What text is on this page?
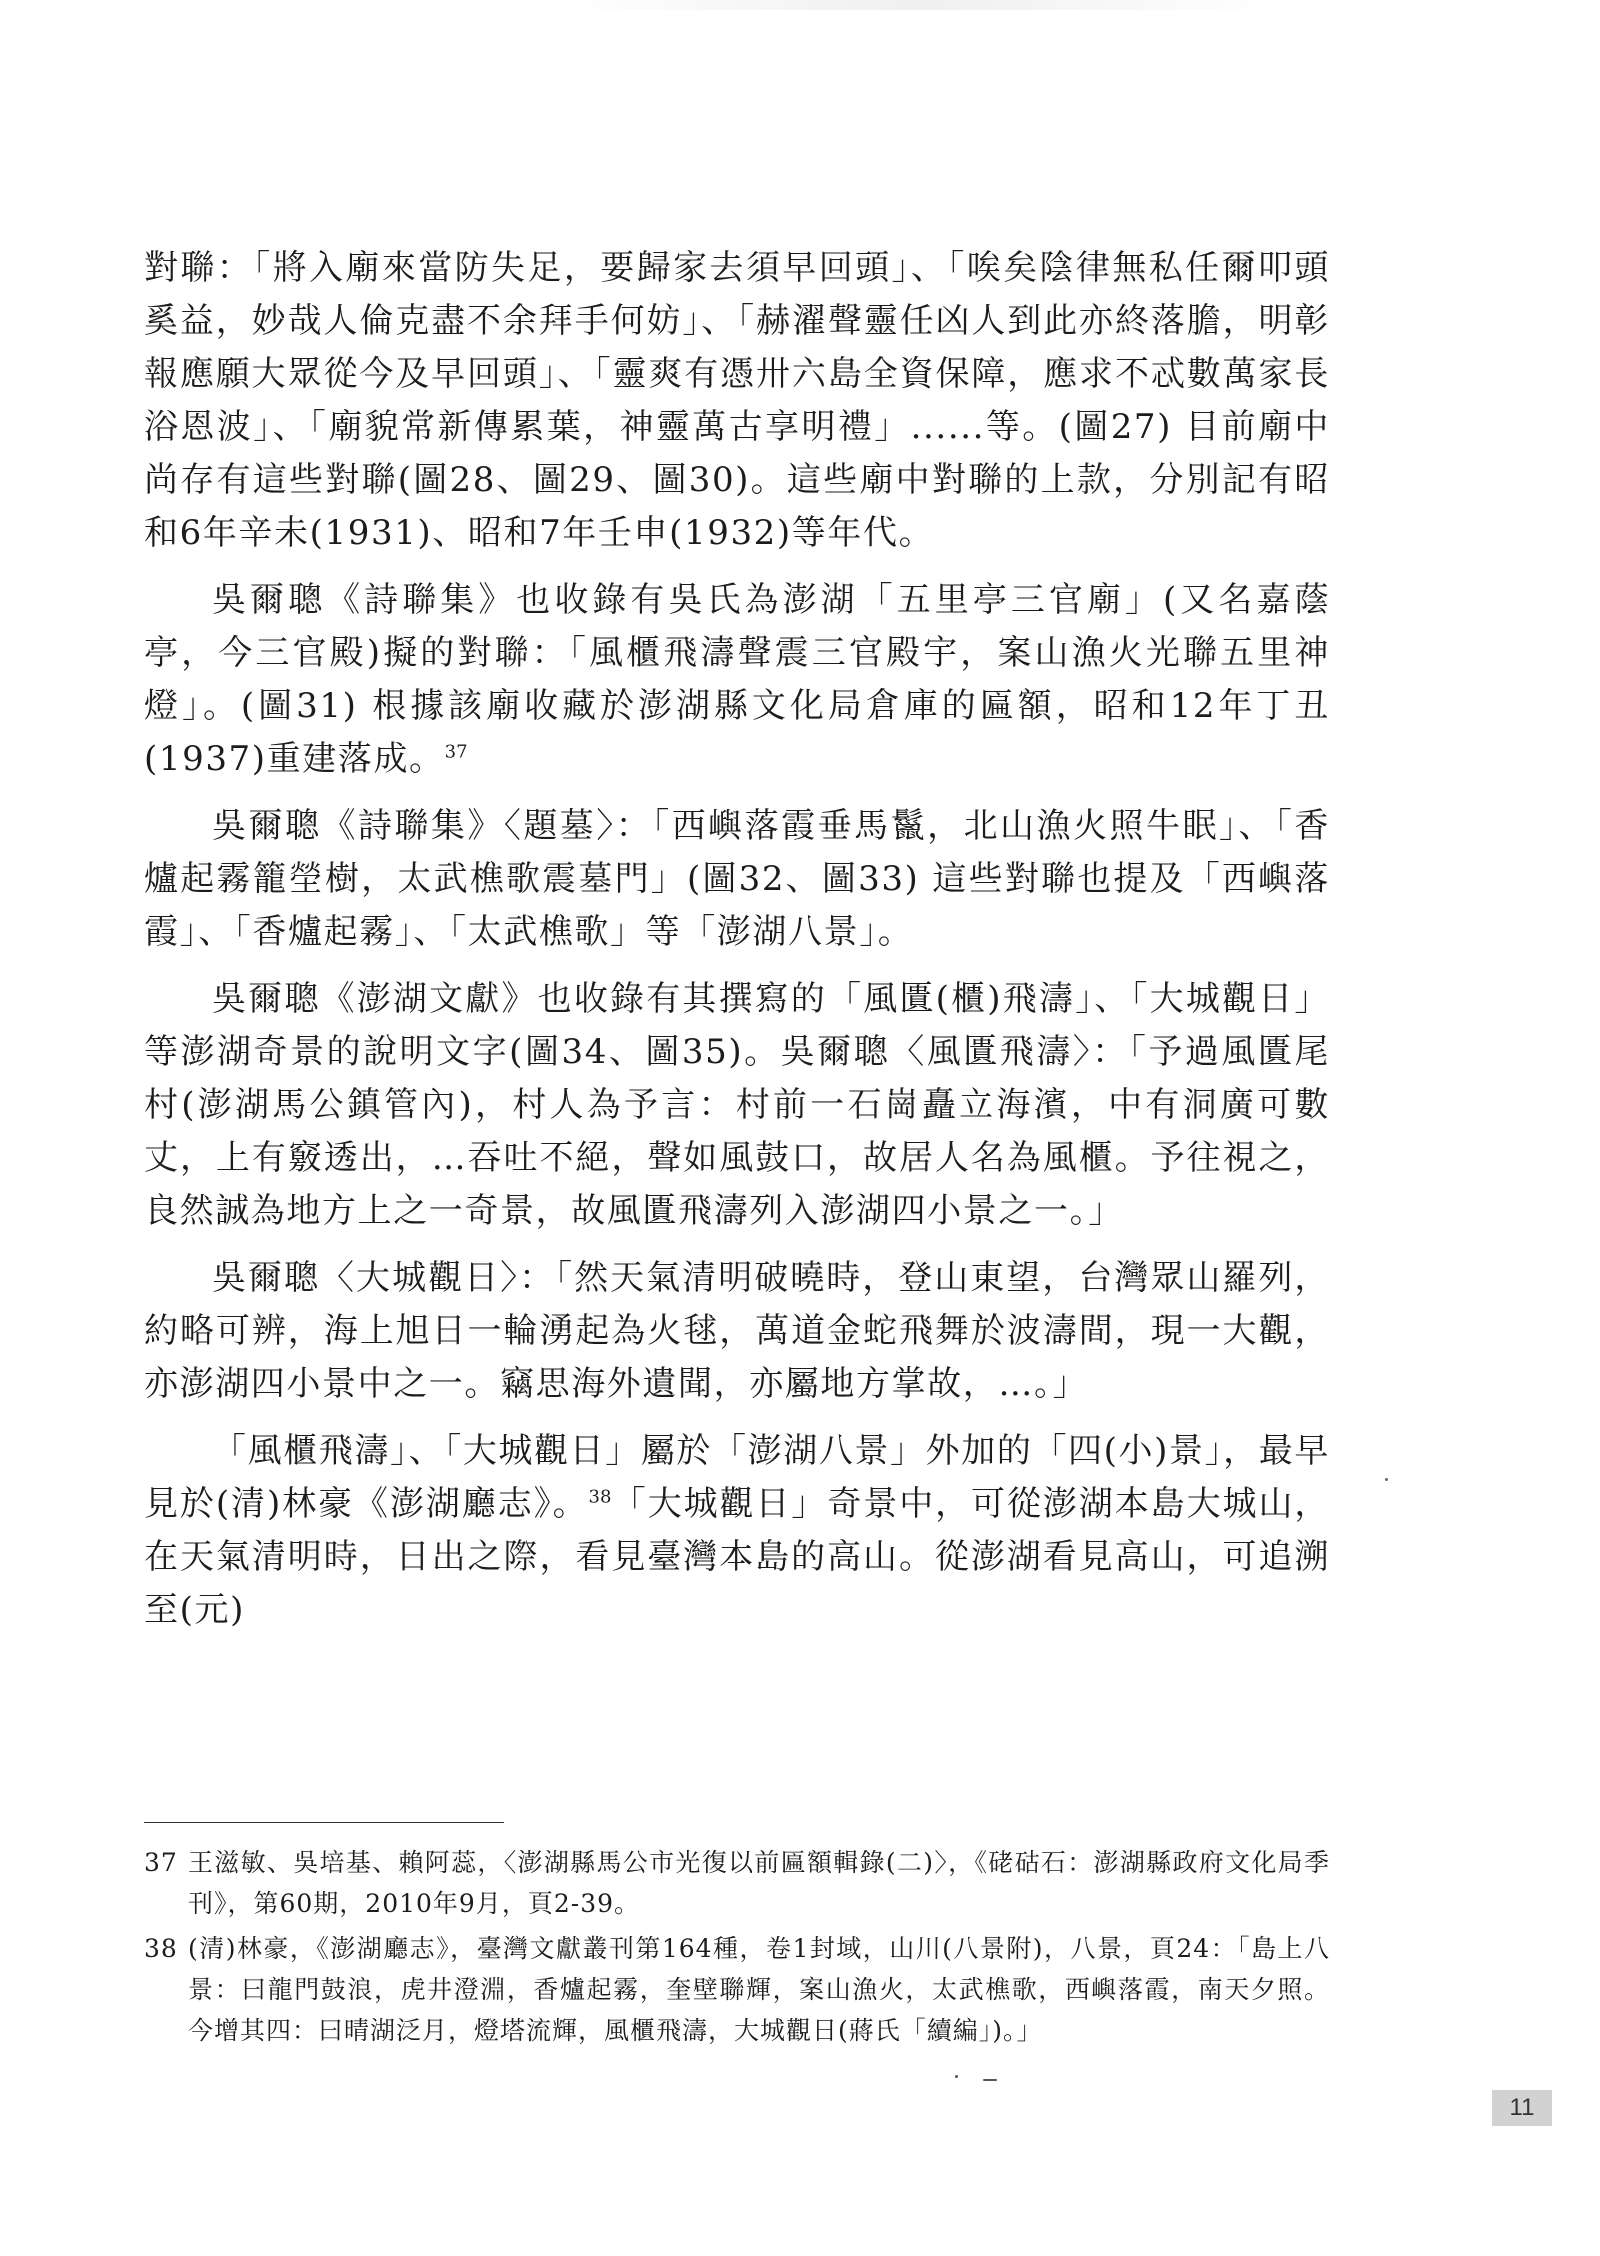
對聯：「將入廟來當防失足，要歸家去須早回頭」、「唉矣陰律無私任爾叩頭奚益，妙哉人倫克盡不余拜手何妨」、「赫濯聲靈任凶人到此亦終落膽，明彰報應願大眾從今及早回頭」、「靈爽有憑卅六島全資保障，應求不忒數萬家長浴恩波」、「廟貌常新傳累葉，神靈萬古享明禮」......等。(圖27) 目前廟中尚存有這些對聯(圖28、圖29、圖30)。這些廟中對聯的上款，分別記有昭和6年辛未(1931)、昭和7年壬申(1932)等年代。

吳爾聰《詩聯集》也收錄有吳氏為澎湖「五里亭三官廟」(又名嘉蔭亭，今三官殿)擬的對聯：「風櫃飛濤聲震三官殿宇，案山漁火光聯五里神燈」。(圖31) 根據該廟收藏於澎湖縣文化局倉庫的匾額，昭和12年丁丑(1937)重建落成。$^{37}$

吳爾聰《詩聯集》〈題墓〉：「西嶼落霞垂馬鬣，北山漁火照牛眠」、「香爐起霧籠塋樹，太武樵歌震墓門」(圖32、圖33) 這些對聯也提及「西嶼落霞」、「香爐起霧」、「太武樵歌」等「澎湖八景」。

吳爾聰《澎湖文獻》也收錄有其撰寫的「風匱(櫃)飛濤」、「大城觀日」等澎湖奇景的說明文字(圖34、圖35)。吳爾聰〈風匱飛濤〉：「予過風匱尾村(澎湖馬公鎮管內)，村人為予言：村前一石崗矗立海濱，中有洞廣可數丈，上有竅透出，…吞吐不絕，聲如風鼓口，故居人名為風櫃。予往視之，良然誠為地方上之一奇景，故風匱飛濤列入澎湖四小景之一。」

吳爾聰〈大城觀日〉：「然天氣清明破曉時，登山東望，台灣眾山羅列，約略可辨，海上旭日一輪湧起為火毬，萬道金蛇飛舞於波濤間，現一大觀，亦澎湖四小景中之一。竊思海外遺聞，亦屬地方掌故，…。」

「風櫃飛濤」、「大城觀日」屬於「澎湖八景」外加的「四(小)景」，最早見於(清)林豪《澎湖廳志》。$^{38}$「大城觀日」奇景中，可從澎湖本島大城山，在天氣清明時，日出之際，看見臺灣本島的高山。從澎湖看見高山，可追溯至(元)

37 王滋敏、吳培基、賴阿蕊，〈澎湖縣馬公市光復以前匾額輯錄(二)〉，《硓𥑮石：澎湖縣政府文化局季刊》，第60期，2010年9月，頁2-39。
38 (清)林豪，《澎湖廳志》，臺灣文獻叢刊第164種，卷1封域，山川(八景附)，八景，頁24：「島上八景：曰龍門鼓浪，虎井澄淵，香爐起霧，奎壁聯輝，案山漁火，太武樵歌，西嶼落霞，南天夕照。今增其四：曰晴湖泛月，燈塔流輝，風櫃飛濤，大城觀日(蔣氏「續編」)。」
11
